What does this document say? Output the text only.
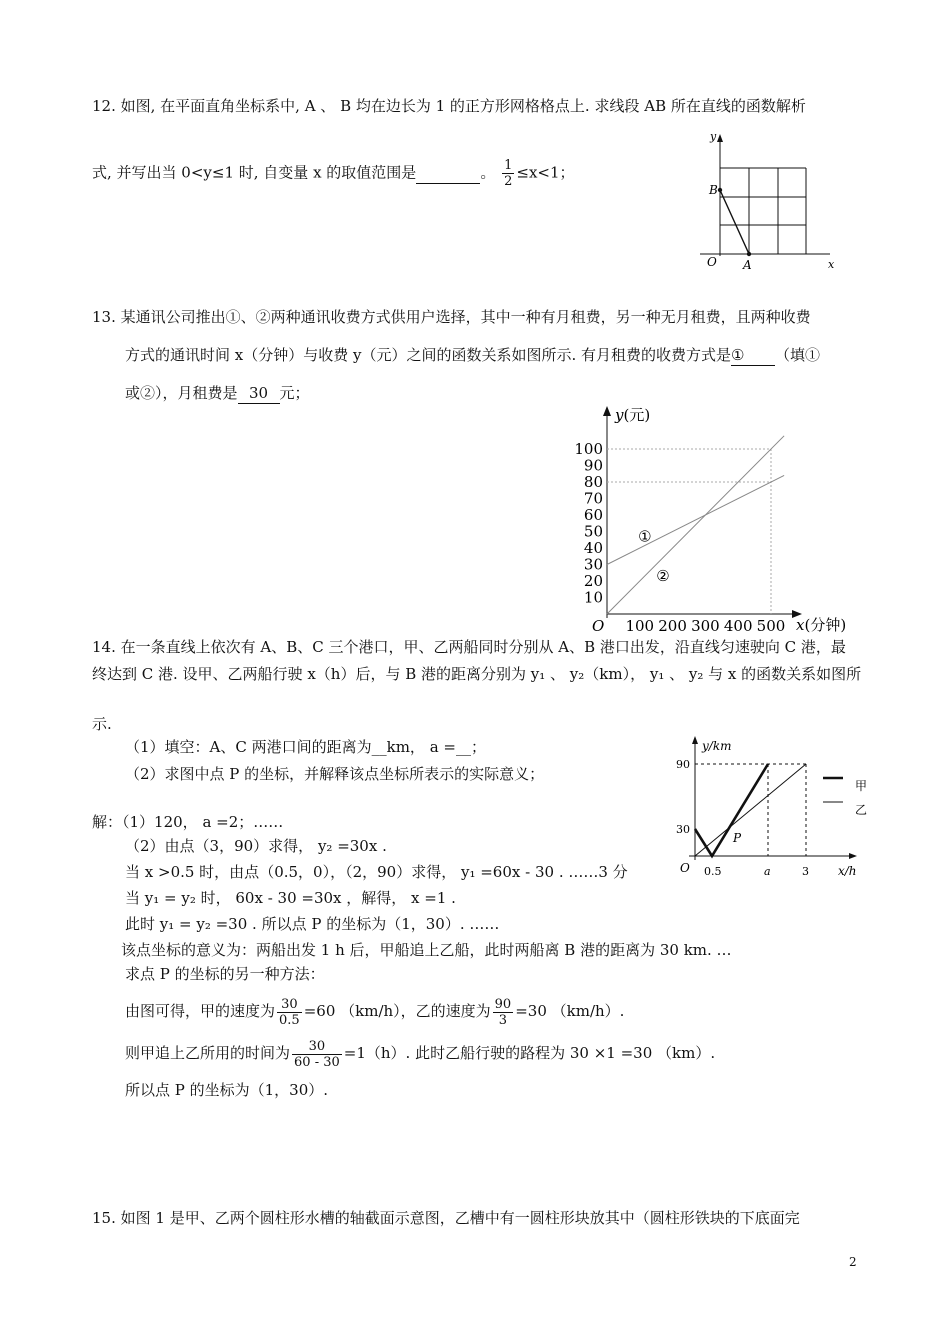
12. 如图, 在平面直角坐标系中, A 、 B 均在边长为 1 的正方形网格格点上. 求线段 AB 所在直线的函数解析
式, 并写出当 0<y≤1 时, 自变量 x 的取值范围是	。 $\frac{1}{2} \le x<1$；
y
x
O A
B
13. 某通讯公司推出①、②两种通讯收费方式供用户选择，其中一种有月租费，另一种无月租费，且两种收费
方式的通讯时间 x（分钟）与收费 y（元）之间的函数关系如图所示. 有月租费的收费方式是① （填①
或②），月租费是 30 元；
y(元)
x(分钟)
10
20
30
40
50
60
70
80
90
100
100 200 300 400 500
O
①
②
14. 在一条直线上依次有 A、B、C 三个港口，甲、乙两船同时分别从 A、B 港口出发，沿直线匀速驶向 C 港，最
终达到 C 港. 设甲、乙两船行驶 x（h）后，与 B 港的距离分别为 y₁ 、 y₂（km）， y₁ 、 y₂ 与 x 的函数关系如图所
示.
（1）填空：A、C 两港口间的距离为__km， a =__；
（2）求图中点 P 的坐标，并解释该点坐标所表示的实际意义；
解：（1）120， a =2；……
（2）由点（3，90）求得， y₂ =30x .
当 x >0.5 时，由点（0.5，0），（2，90）求得， y₁ =60x - 30 . ……3 分
当 y₁ = y₂ 时， 60x - 30 =30x ，解得， x =1 .
此时 y₁ = y₂ =30 . 所以点 P 的坐标为（1，30）. ……
该点坐标的意义为：两船出发 1 h 后，甲船追上乙船，此时两船离 B 港的距离为 30 km. …
求点 P 的坐标的另一种方法：
由图可得，甲的速度为 $\frac{30}{0.5} =60$ （km/h），乙的速度为 $\frac{90}{3} =30$ （km/h）.
则甲追上乙所用的时间为 $\frac{30}{60 - 30} =1(h)$. 此时乙船行驶的路程为 30 ×1 =30 （km）.
所以点 P 的坐标为（1，30）.
y/km
x/h
O 0.5	a	3
30
90
P
甲
乙
15. 如图 1 是甲、乙两个圆柱形水槽的轴截面示意图，乙槽中有一圆柱形块放其中（圆柱形铁块的下底面完
2
